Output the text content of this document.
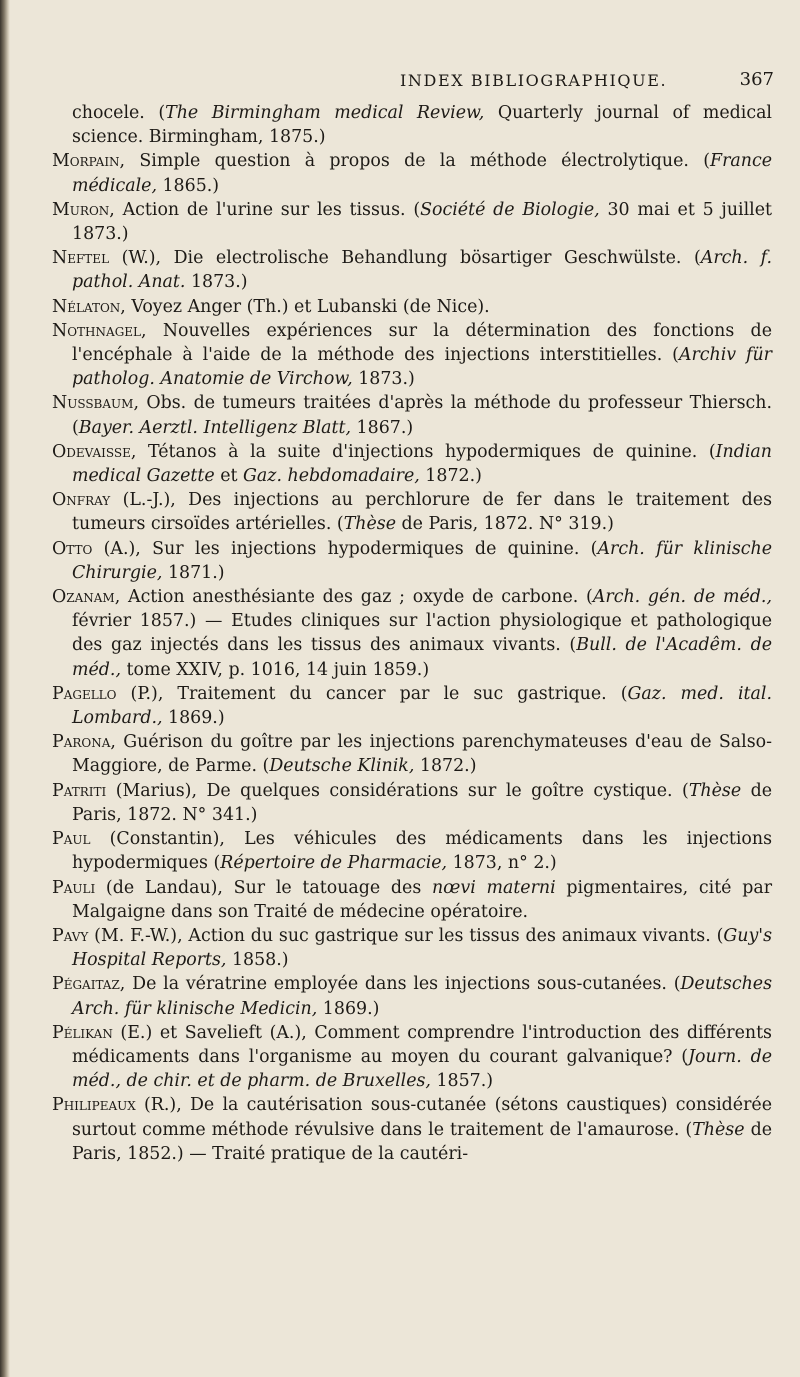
INDEX BIBLIOGRAPHIQUE.	367

chocele. (The Birmingham medical Review, Quarterly journal of medical science. Birmingham, 1875.)

Morpain, Simple question à propos de la méthode électrolytique. (France médicale, 1865.)

Muron, Action de l'urine sur les tissus. (Société de Biologie, 30 mai et 5 juillet 1873.)

Neftel (W.), Die electrolische Behandlung bösartiger Geschwülste. (Arch. f. pathol. Anat. 1873.)

Nélaton, Voyez Anger (Th.) et Lubanski (de Nice).

Nothnagel, Nouvelles expériences sur la détermination des fonctions de l'encéphale à l'aide de la méthode des injections interstitielles. (Archiv für patholog. Anatomie de Virchow, 1873.)

Nussbaum, Obs. de tumeurs traitées d'après la méthode du professeur Thiersch. (Bayer. Aerztl. Intelligenz Blatt, 1867.)

Odevaisse, Tétanos à la suite d'injections hypodermiques de quinine. (Indian medical Gazette et Gaz. hebdomadaire, 1872.)

Onfray (L.-J.), Des injections au perchlorure de fer dans le traitement des tumeurs cirsoïdes artérielles. (Thèse de Paris, 1872. N° 319.)

Otto (A.), Sur les injections hypodermiques de quinine. (Arch. für klinische Chirurgie, 1871.)

Ozanam, Action anesthésiante des gaz ; oxyde de carbone. (Arch. gén. de méd., février 1857.) — Etudes cliniques sur l'action physiologique et pathologique des gaz injectés dans les tissus des animaux vivants. (Bull. de l'Acadêm. de méd., tome XXIV, p. 1016, 14 juin 1859.)

Pagello (P.), Traitement du cancer par le suc gastrique. (Gaz. med. ital. Lombard., 1869.)

Parona, Guérison du goître par les injections parenchymateuses d'eau de Salso-Maggiore, de Parme. (Deutsche Klinik, 1872.)

Patriti (Marius), De quelques considérations sur le goître cystique. (Thèse de Paris, 1872. N° 341.)

Paul (Constantin), Les véhicules des médicaments dans les injections hypodermiques (Répertoire de Pharmacie, 1873, n° 2.)

Pauli (de Landau), Sur le tatouage des nœvi materni pigmentaires, cité par Malgaigne dans son Traité de médecine opératoire.

Pavy (M. F.-W.), Action du suc gastrique sur les tissus des animaux vivants. (Guy's Hospital Reports, 1858.)

Pégaitaz, De la vératrine employée dans les injections sous-cutanées. (Deutsches Arch. für klinische Medicin, 1869.)

Pélikan (E.) et Savelieft (A.), Comment comprendre l'introduction des différents médicaments dans l'organisme au moyen du courant galvanique? (Journ. de méd., de chir. et de pharm. de Bruxelles, 1857.)

Philipeaux (R.), De la cautérisation sous-cutanée (sétons caustiques) considérée surtout comme méthode révulsive dans le traitement de l'amaurose. (Thèse de Paris, 1852.) — Traité pratique de la cautéri-
